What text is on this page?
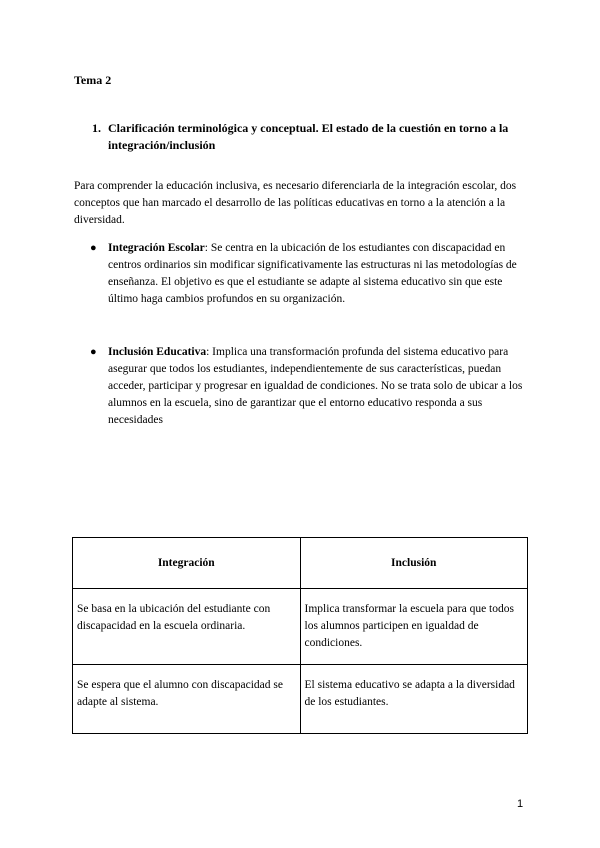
Tema 2
1. Clarificación terminológica y conceptual. El estado de la cuestión en torno a la integración/inclusión

Para comprender la educación inclusiva, es necesario diferenciarla de la integración escolar, dos conceptos que han marcado el desarrollo de las políticas educativas en torno a la atención a la diversidad.

● Integración Escolar: Se centra en la ubicación de los estudiantes con discapacidad en centros ordinarios sin modificar significativamente las estructuras ni las metodologías de enseñanza. El objetivo es que el estudiante se adapte al sistema educativo sin que este último haga cambios profundos en su organización.
● Inclusión Educativa: Implica una transformación profunda del sistema educativo para asegurar que todos los estudiantes, independientemente de sus características, puedan acceder, participar y progresar en igualdad de condiciones. No se trata solo de ubicar a los alumnos en la escuela, sino de garantizar que el entorno educativo responda a sus necesidades
Integración	Inclusión
Se basa en la ubicación del estudiante con discapacidad en la escuela ordinaria.	Implica transformar la escuela para que todos los alumnos participen en igualdad de condiciones.
Se espera que el alumno con discapacidad se adapte al sistema.	El sistema educativo se adapta a la diversidad de los estudiantes.
1
